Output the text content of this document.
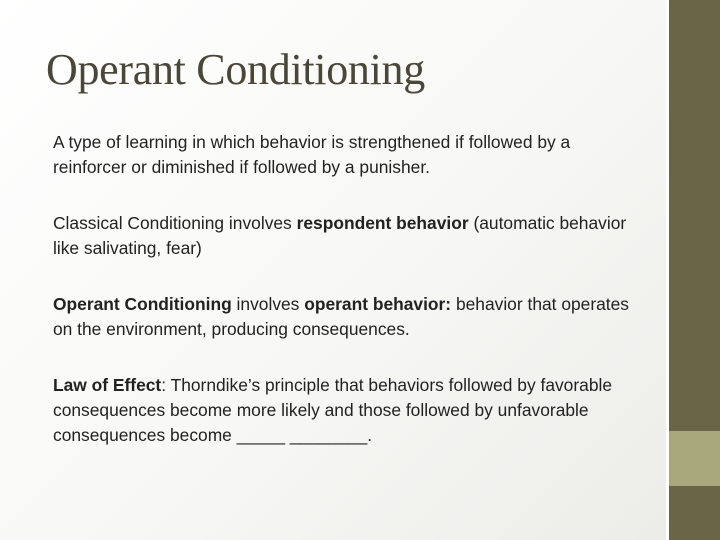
Operant Conditioning

A type of learning in which behavior is strengthened if followed by a reinforcer or diminished if followed by a punisher.

Classical Conditioning involves respondent behavior (automatic behavior like salivating, fear)

Operant Conditioning involves operant behavior: behavior that operates on the environment, producing consequences.

Law of Effect: Thorndike’s principle that behaviors followed by favorable consequences become more likely and those followed by unfavorable consequences become _____ ________.
